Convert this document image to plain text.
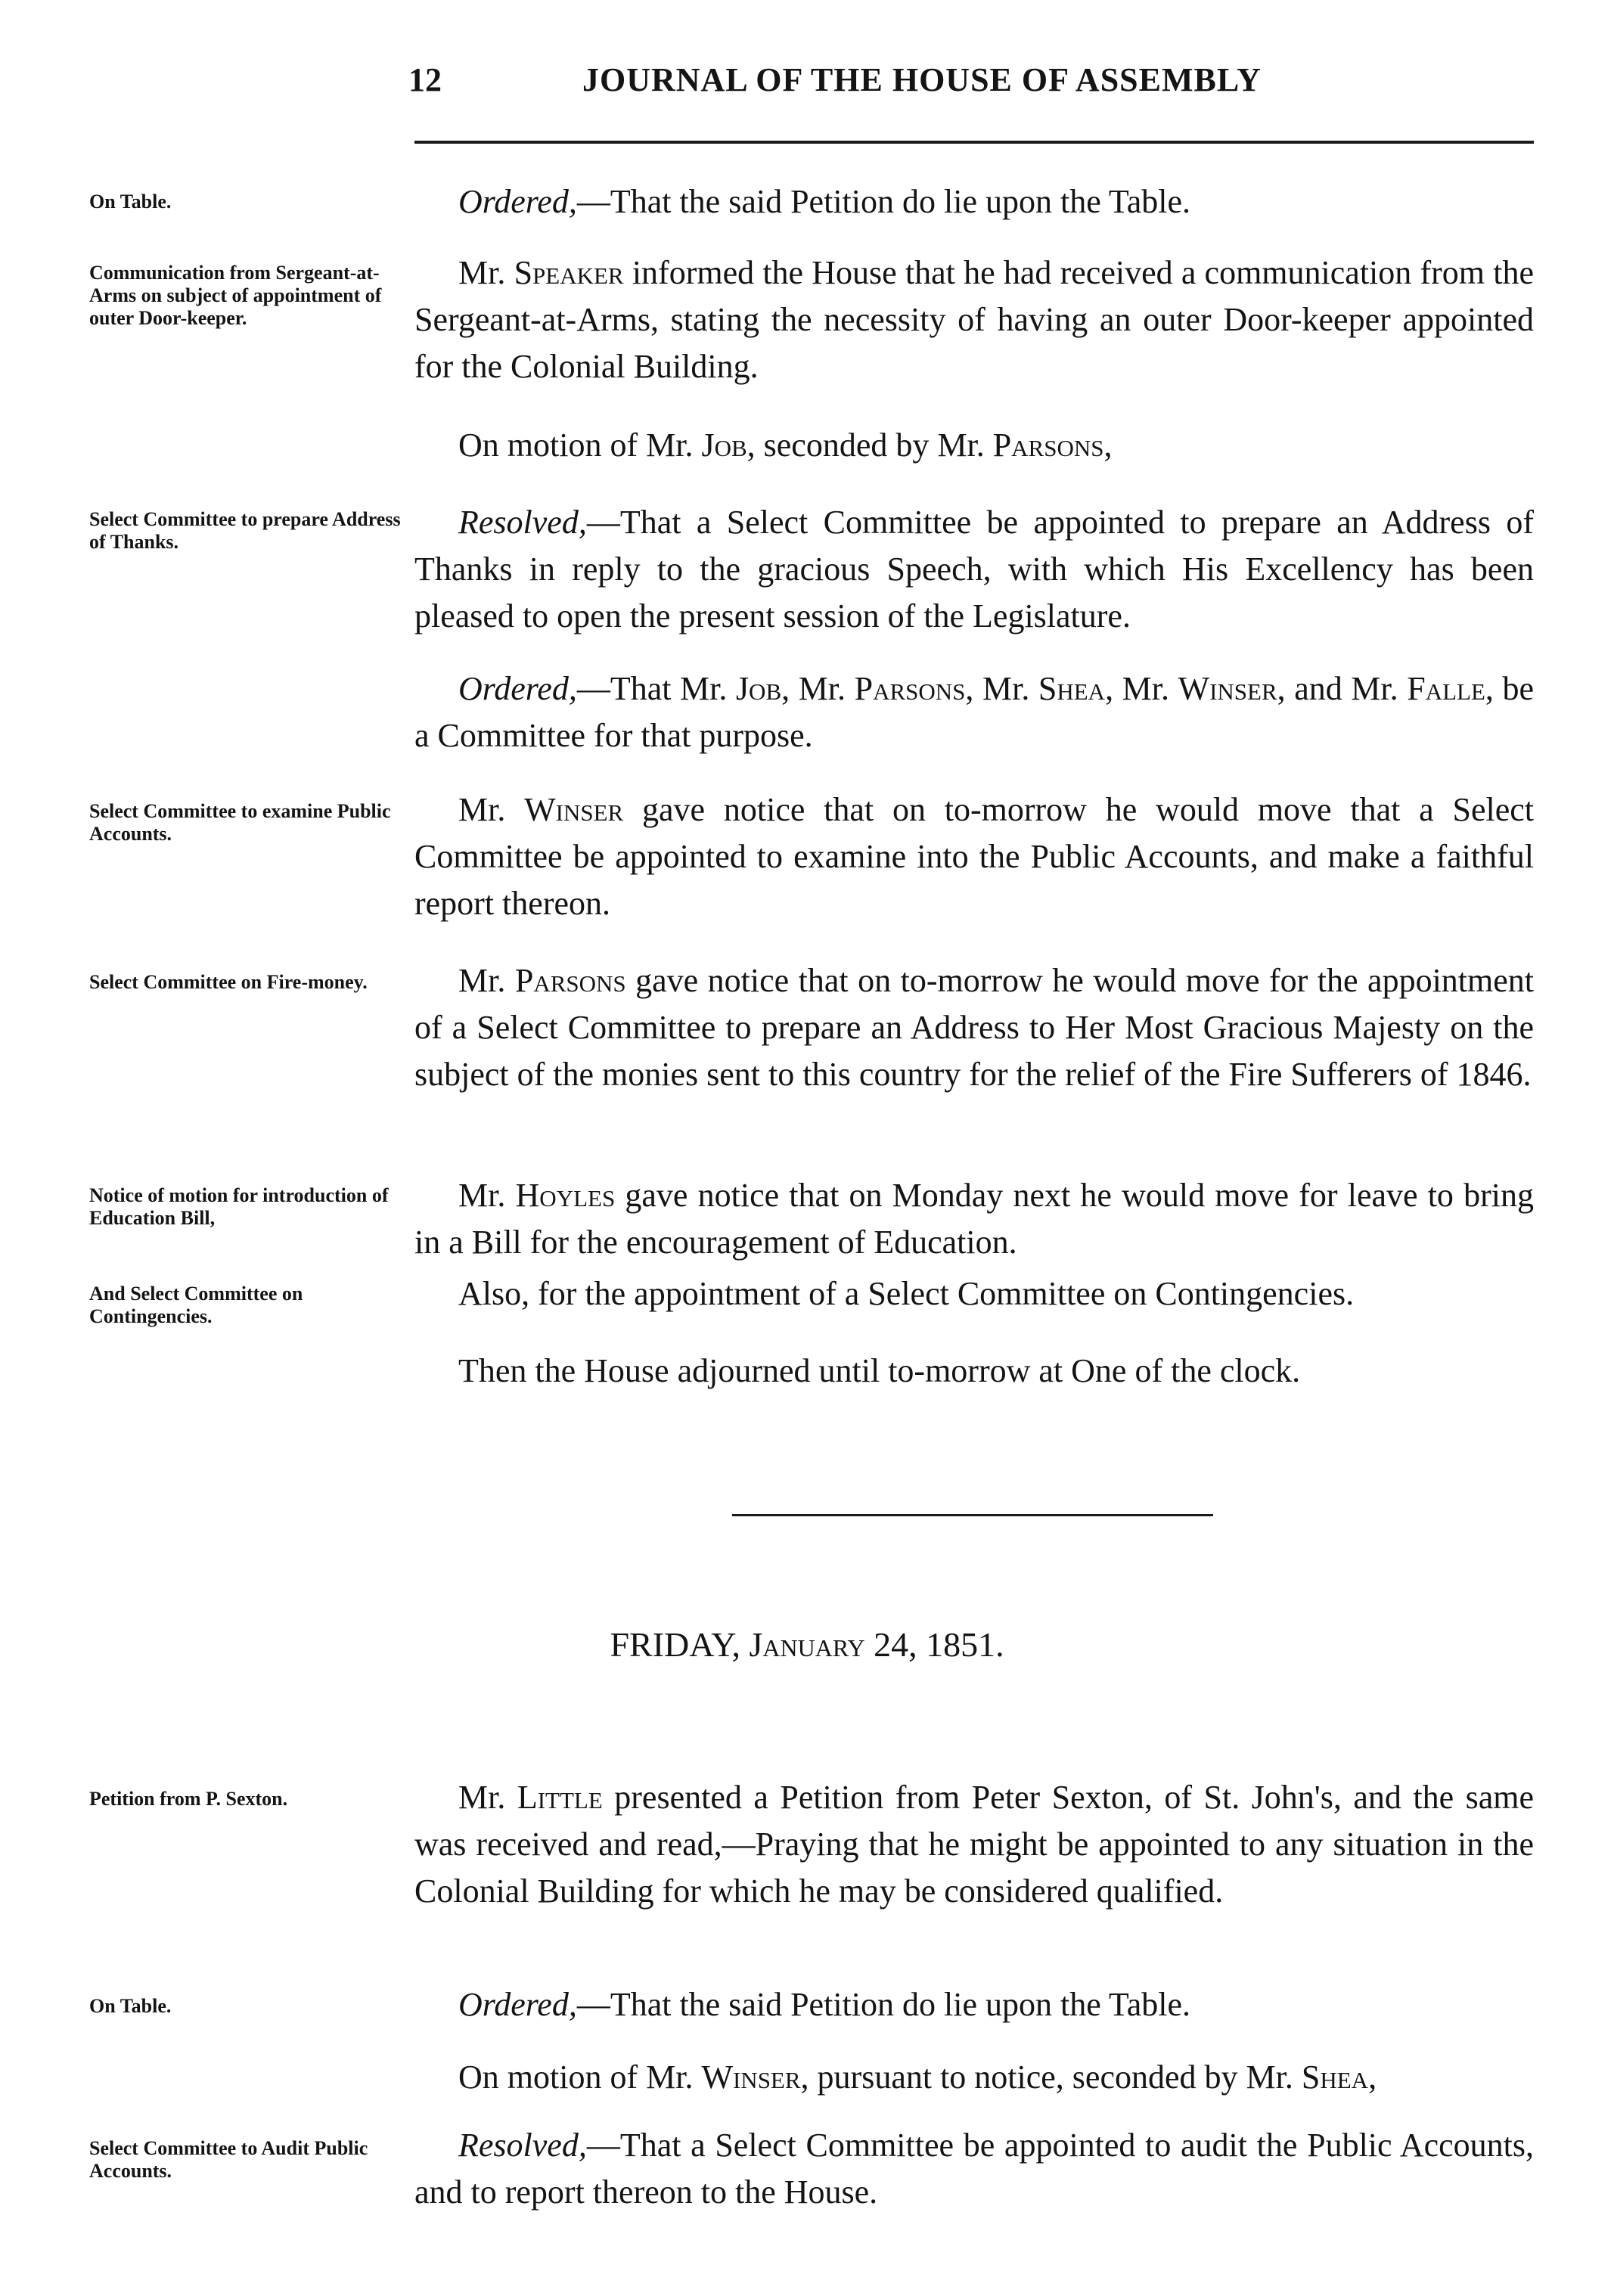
12	JOURNAL OF THE HOUSE OF ASSEMBLY
On Table.
Communication from Sergeant-at-Arms on subject of appointment of outer Door-keeper.
Select Committee to prepare Address of Thanks.
Select Committee to examine Public Accounts.
Select Committee on Fire-money.
Notice of motion for introduction of Education Bill,
And Select Committee on Contingencies.
Petition from P. Sexton.
On Table.
Select Committee to Audit Public Accounts.
Ordered,—That the said Petition do lie upon the Table.
Mr. Speaker informed the House that he had received a communication from the Sergeant-at-Arms, stating the necessity of having an outer Door-keeper appointed for the Colonial Building.
On motion of Mr. Job, seconded by Mr. Parsons,
Resolved,—That a Select Committee be appointed to prepare an Address of Thanks in reply to the gracious Speech, with which His Excellency has been pleased to open the present session of the Legislature.
Ordered,—That Mr. Job, Mr. Parsons, Mr. Shea, Mr. Winser, and Mr. Falle, be a Committee for that purpose.
Mr. Winser gave notice that on to-morrow he would move that a Select Committee be appointed to examine into the Public Accounts, and make a faithful report thereon.
Mr. Parsons gave notice that on to-morrow he would move for the appointment of a Select Committee to prepare an Address to Her Most Gracious Majesty on the subject of the monies sent to this country for the relief of the Fire Sufferers of 1846.
Mr. Hoyles gave notice that on Monday next he would move for leave to bring in a Bill for the encouragement of Education.
Also, for the appointment of a Select Committee on Contingencies.
Then the House adjourned until to-morrow at One of the clock.
FRIDAY, January 24, 1851.
Mr. Little presented a Petition from Peter Sexton, of St. John's, and the same was received and read,—Praying that he might be appointed to any situation in the Colonial Building for which he may be considered qualified.
Ordered,—That the said Petition do lie upon the Table.
On motion of Mr. Winser, pursuant to notice, seconded by Mr. Shea,
Resolved,—That a Select Committee be appointed to audit the Public Accounts, and to report thereon to the House.
